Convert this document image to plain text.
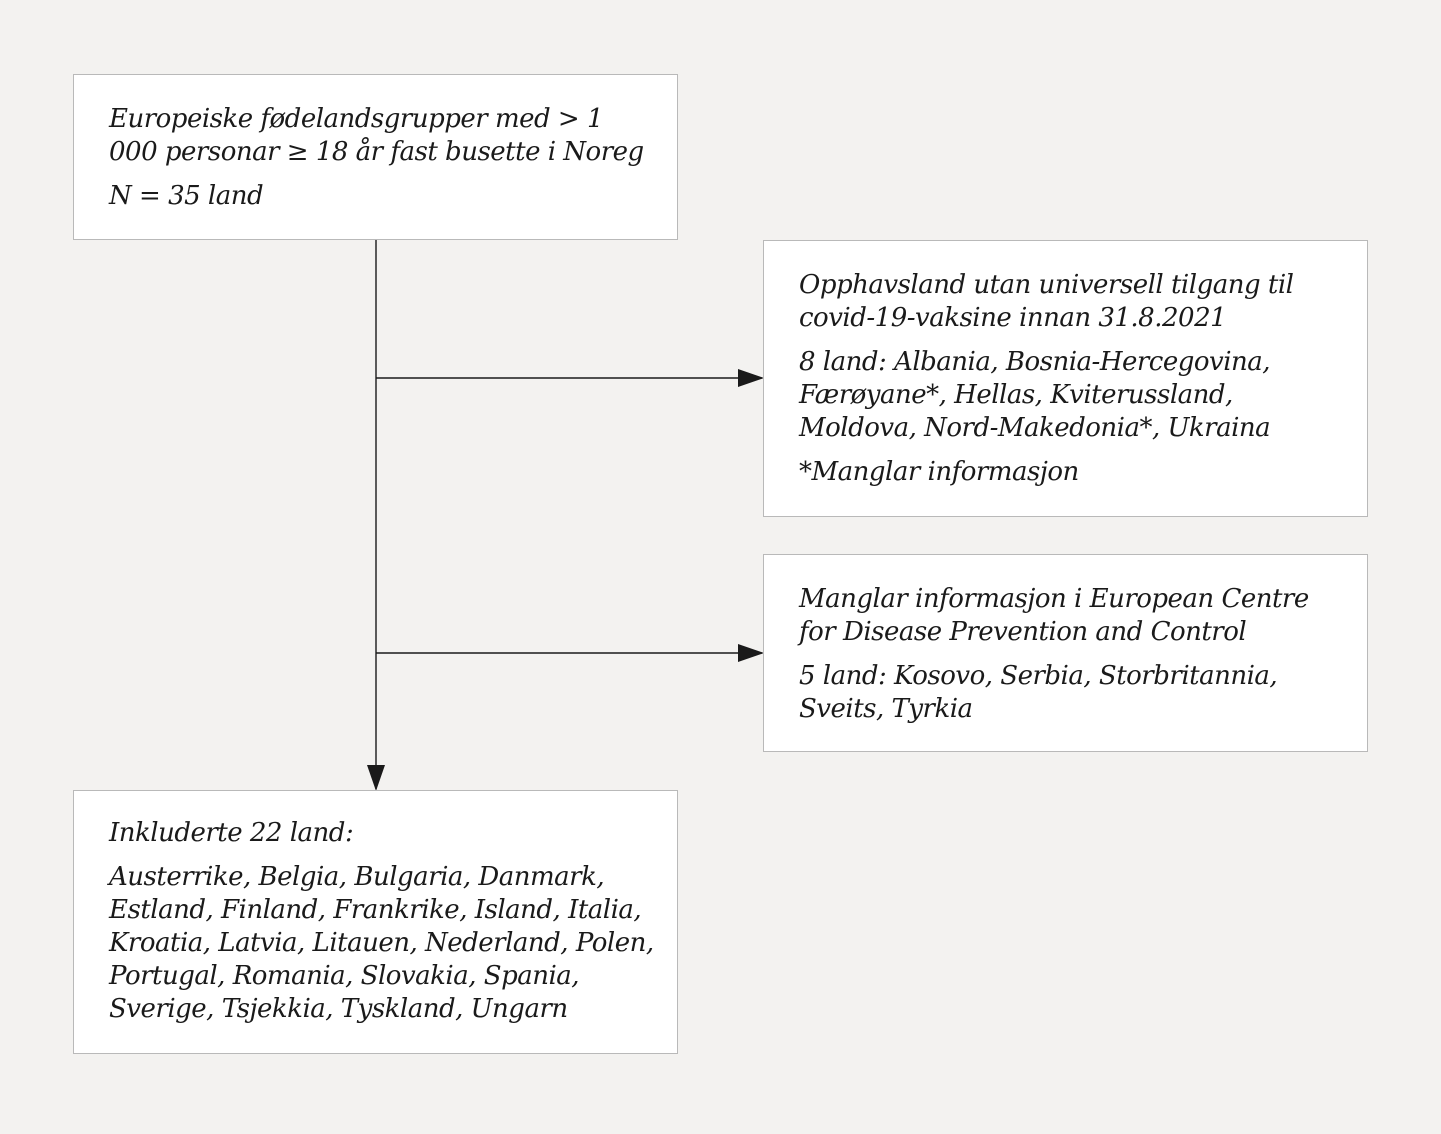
Europeiske fødelandsgrupper med > 1 000 personar ≥ 18 år fast busette i Noreg

N = 35 land

Opphavsland utan universell tilgang til covid-19-vaksine innan 31.8.2021

8 land: Albania, Bosnia-Hercegovina, Færøyane*, Hellas, Kviterussland, Moldova, Nord-Makedonia*, Ukraina

*Manglar informasjon

Manglar informasjon i European Centre for Disease Prevention and Control

5 land: Kosovo, Serbia, Storbritannia, Sveits, Tyrkia

Inkluderte 22 land:

Austerrike, Belgia, Bulgaria, Danmark, Estland, Finland, Frankrike, Island, Italia, Kroatia, Latvia, Litauen, Nederland, Polen, Portugal, Romania, Slovakia, Spania, Sverige, Tsjekkia, Tyskland, Ungarn
